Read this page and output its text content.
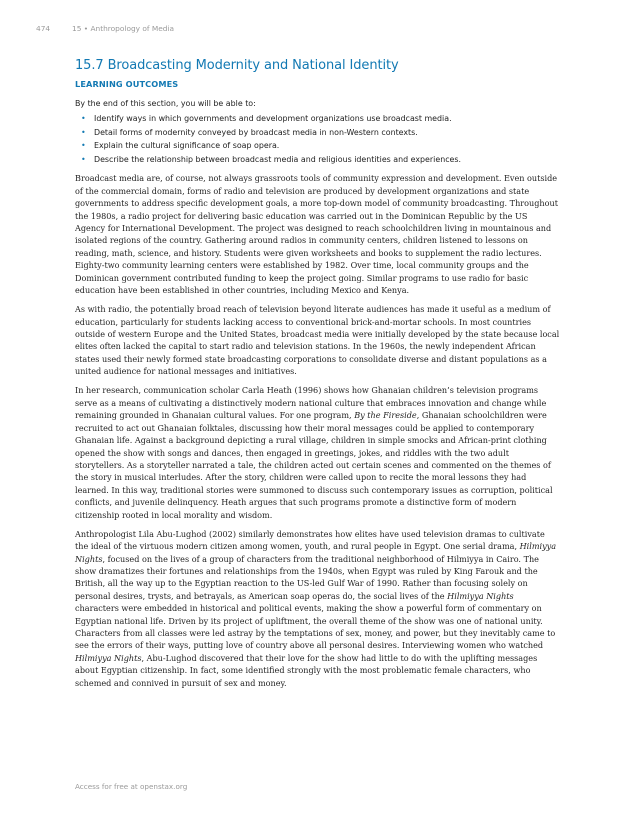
474	15 • Anthropology of Media
15.7 Broadcasting Modernity and National Identity
LEARNING OUTCOMES

By the end of this section, you will be able to:

• Identify ways in which governments and development organizations use broadcast media.
• Detail forms of modernity conveyed by broadcast media in non-Western contexts.
• Explain the cultural significance of soap opera.
• Describe the relationship between broadcast media and religious identities and experiences.

Broadcast media are, of course, not always grassroots tools of community expression and development. Even outside of the commercial domain, forms of radio and television are produced by development organizations and state governments to address specific development goals, a more top-down model of community broadcasting. Throughout the 1980s, a radio project for delivering basic education was carried out in the Dominican Republic by the US Agency for International Development. The project was designed to reach schoolchildren living in mountainous and isolated regions of the country. Gathering around radios in community centers, children listened to lessons on reading, math, science, and history. Students were given worksheets and books to supplement the radio lectures. Eighty-two community learning centers were established by 1982. Over time, local community groups and the Dominican government contributed funding to keep the project going. Similar programs to use radio for basic education have been established in other countries, including Mexico and Kenya.

As with radio, the potentially broad reach of television beyond literate audiences has made it useful as a medium of education, particularly for students lacking access to conventional brick-and-mortar schools. In most countries outside of western Europe and the United States, broadcast media were initially developed by the state because local elites often lacked the capital to start radio and television stations. In the 1960s, the newly independent African states used their newly formed state broadcasting corporations to consolidate diverse and distant populations as a united audience for national messages and initiatives.

In her research, communication scholar Carla Heath (1996) shows how Ghanaian children’s television programs serve as a means of cultivating a distinctively modern national culture that embraces innovation and change while remaining grounded in Ghanaian cultural values. For one program, By the Fireside, Ghanaian schoolchildren were recruited to act out Ghanaian folktales, discussing how their moral messages could be applied to contemporary Ghanaian life. Against a background depicting a rural village, children in simple smocks and African-print clothing opened the show with songs and dances, then engaged in greetings, jokes, and riddles with the two adult storytellers. As a storyteller narrated a tale, the children acted out certain scenes and commented on the themes of the story in musical interludes. After the story, children were called upon to recite the moral lessons they had learned. In this way, traditional stories were summoned to discuss such contemporary issues as corruption, political conflicts, and juvenile delinquency. Heath argues that such programs promote a distinctive form of modern citizenship rooted in local morality and wisdom.

Anthropologist Lila Abu-Lughod (2002) similarly demonstrates how elites have used television dramas to cultivate the ideal of the virtuous modern citizen among women, youth, and rural people in Egypt. One serial drama, Hilmiyya Nights, focused on the lives of a group of characters from the traditional neighborhood of Hilmiyya in Cairo. The show dramatizes their fortunes and relationships from the 1940s, when Egypt was ruled by King Farouk and the British, all the way up to the Egyptian reaction to the US-led Gulf War of 1990. Rather than focusing solely on personal desires, trysts, and betrayals, as American soap operas do, the social lives of the Hilmiyya Nights characters were embedded in historical and political events, making the show a powerful form of commentary on Egyptian national life. Driven by its project of upliftment, the overall theme of the show was one of national unity. Characters from all classes were led astray by the temptations of sex, money, and power, but they inevitably came to see the errors of their ways, putting love of country above all personal desires. Interviewing women who watched Hilmiyya Nights, Abu-Lughod discovered that their love for the show had little to do with the uplifting messages about Egyptian citizenship. In fact, some identified strongly with the most problematic female characters, who schemed and connived in pursuit of sex and money.

Access for free at openstax.org
